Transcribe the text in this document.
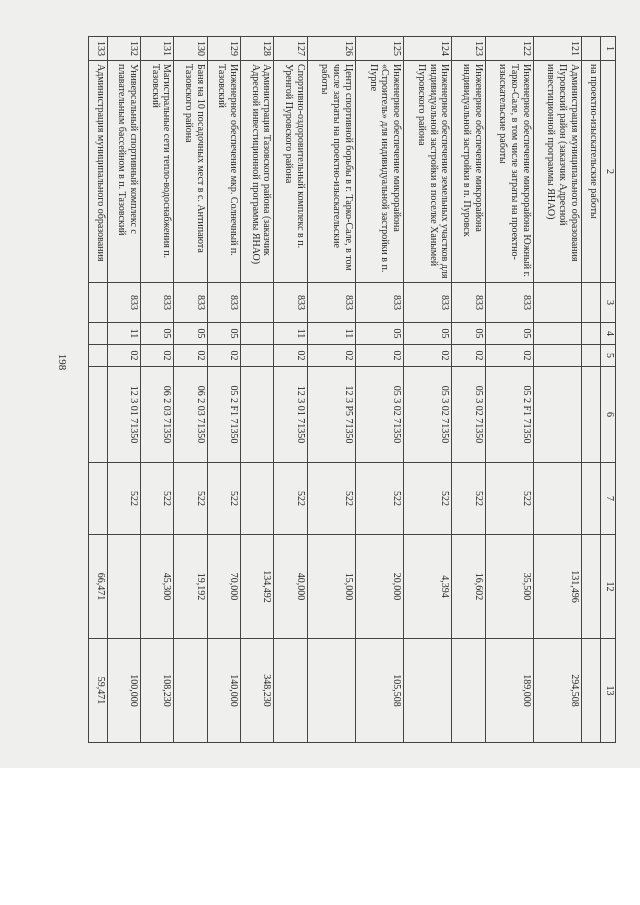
198
1	2	3	4	5	6	7	12	13
	на проектно-изыскательские работы							
121	Администрация муниципального образования Пуровский район (заказчик Адресной инвестиционной программы ЯНАО)						131,496	294,508
122	Инженерное обеспечение микрорайона Южный г. Тарко-Сале, в том числе затраты на проектно-изыскательские работы	833	05	02	05 2 F1 71350	522	35,500	189,000
123	Инженерное обеспечение микрорайона индивидуальной застройки в п. Пуровск	833	05	02	05 3 02 71350	522	16,602	
124	Инженерное обеспечение земельных участков для индивидуальной застройки в поселке Ханымей Пуровского района	833	05	02	05 3 02 71350	522	4,394	
125	Инженерное обеспечение микрорайона «Строитель» для индивидуальной застройки в п. Пурпе	833	05	02	05 3 02 71350	522	20,000	105,508
126	Центр спортивной борьбы в г. Тарко-Сале, в том числе затраты на проектно-изыскательские работы	833	11	02	12 3 P5 71350	522	15,000	
127	Спортивно-оздоровительный комплекс в п. Уренгой Пуровского района	833	11	02	12 3 01 71350	522	40,000	
128	Администрация Тазовского района (заказчик Адресной инвестиционной программы ЯНАО)						134,492	348,230
129	Инженерное обеспечение мкр. Солнечный п. Тазовский	833	05	02	05 2 F1 71350	522	70,000	140,000
130	Баня на 10 посадочных мест в с. Антипаюта Тазовского района	833	05	02	06 2 03 71350	522	19,192	
131	Магистральные сети тепло-водоснабжения п. Тазовский	833	05	02	06 2 03 71350	522	45,300	108,230
132	Универсальный спортивный комплекс с плавательным бассейном в п. Тазовский	833	11	02	12 3 01 71350	522		100,000
133	Администрация муниципального образования						66,471	59,471
